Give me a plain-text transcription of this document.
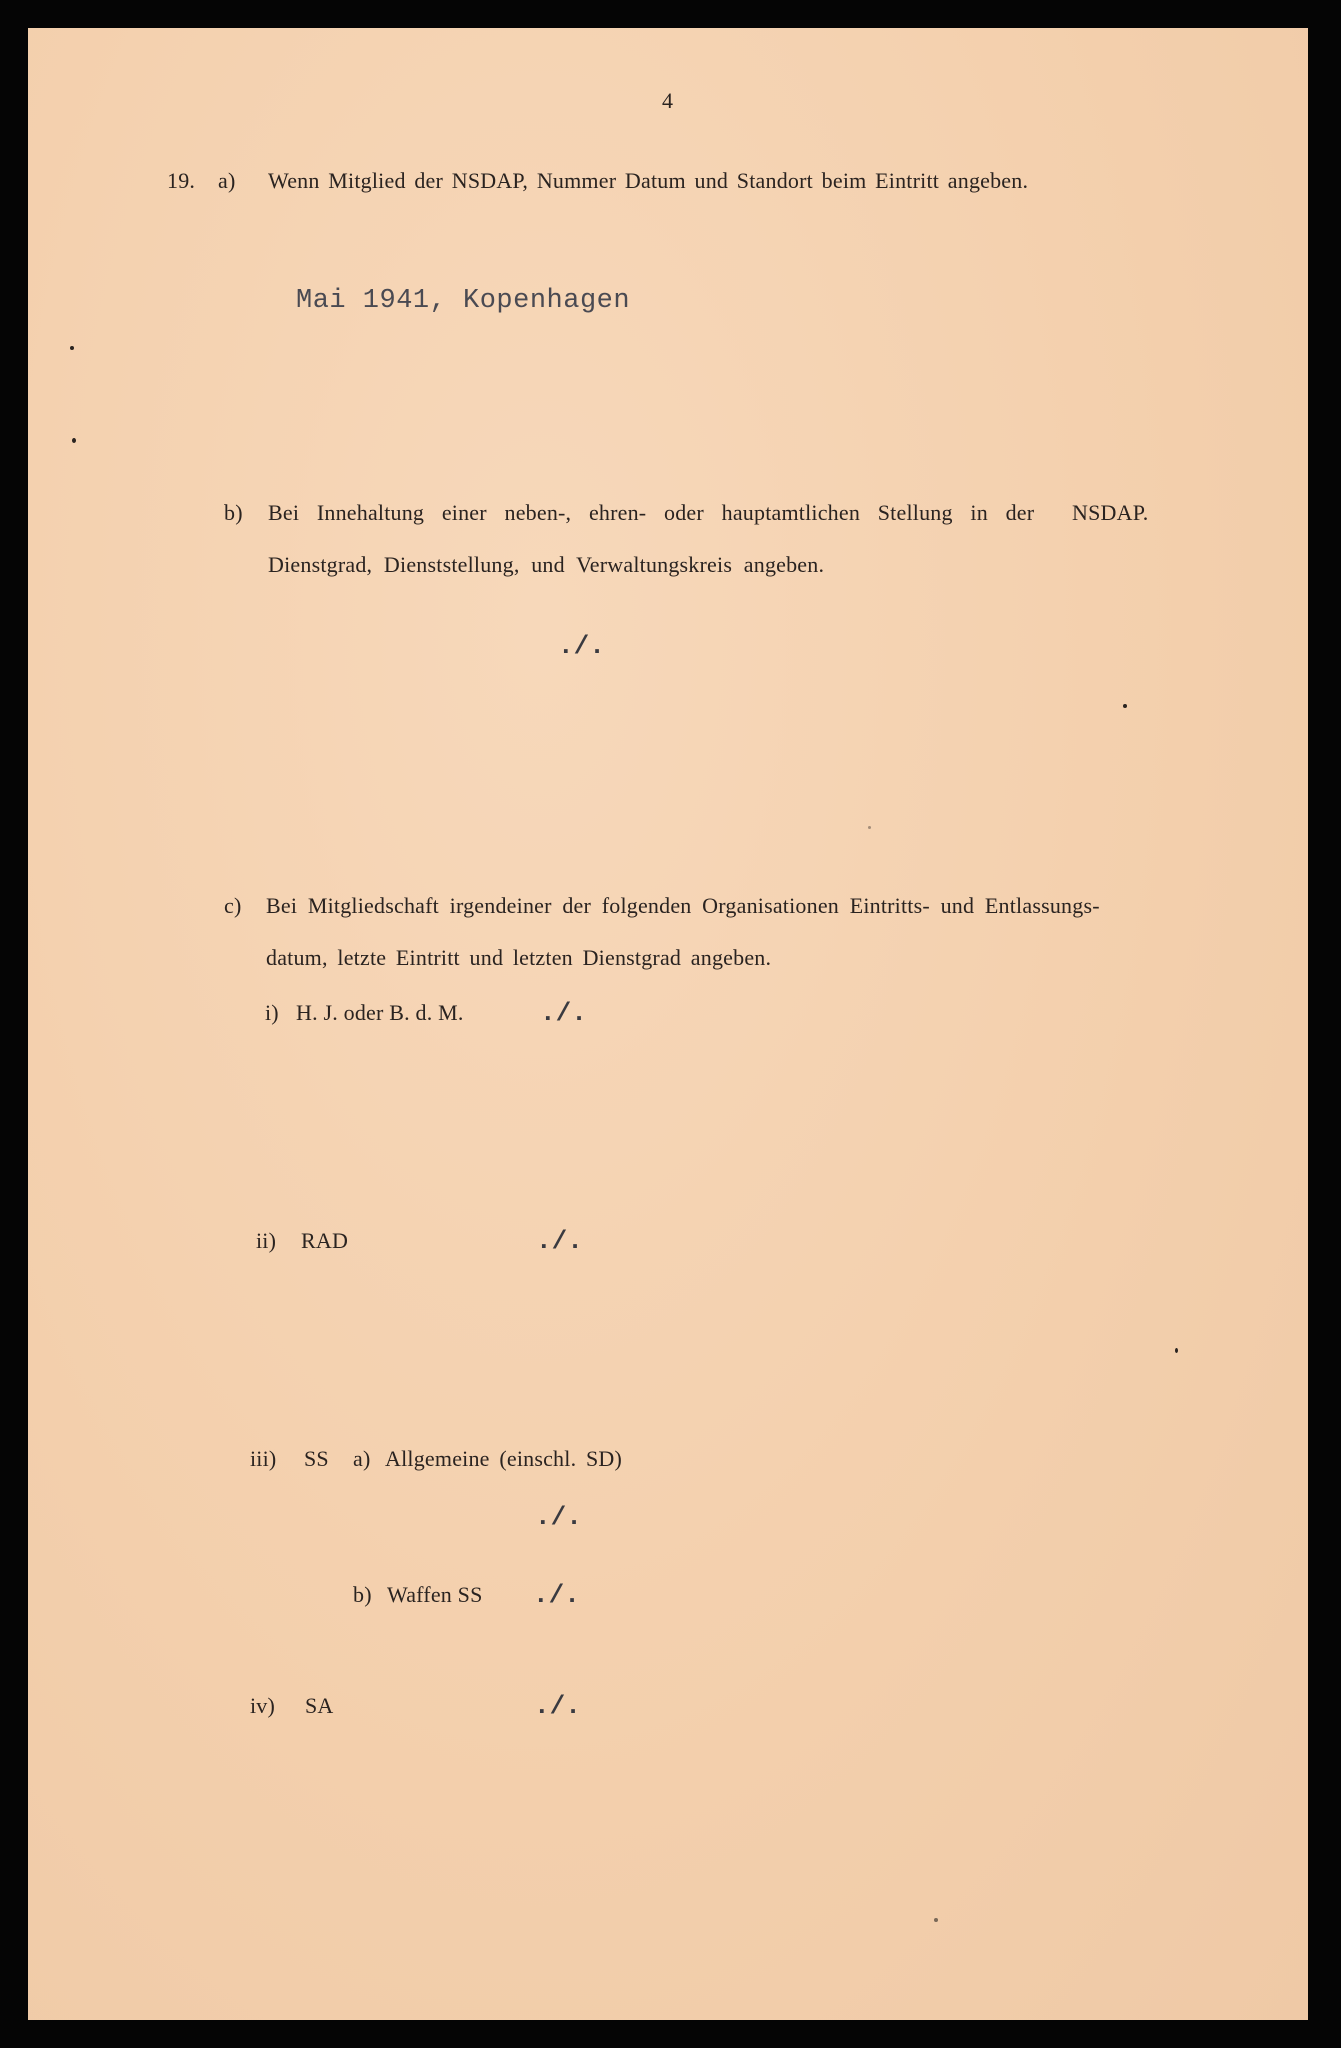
4
19. a) Wenn Mitglied der NSDAP, Nummer Datum und Standort beim Eintritt angeben.
Mai 1941, Kopenhagen
b) Bei Innehaltung einer neben-, ehren- oder hauptamtlichen Stellung in der NSDAP.
Dienstgrad, Dienststellung, und Verwaltungskreis angeben.
./.
c) Bei Mitgliedschaft irgendeiner der folgenden Organisationen Eintritts- und Entlassungs-
datum, letzte Eintritt und letzten Dienstgrad angeben.
i) H. J. oder B. d. M.	./.
ii) RAD	./.
iii) SS a) Allgemeine (einschl. SD)
./.
b) Waffen SS ./.
iv) SA	./.
